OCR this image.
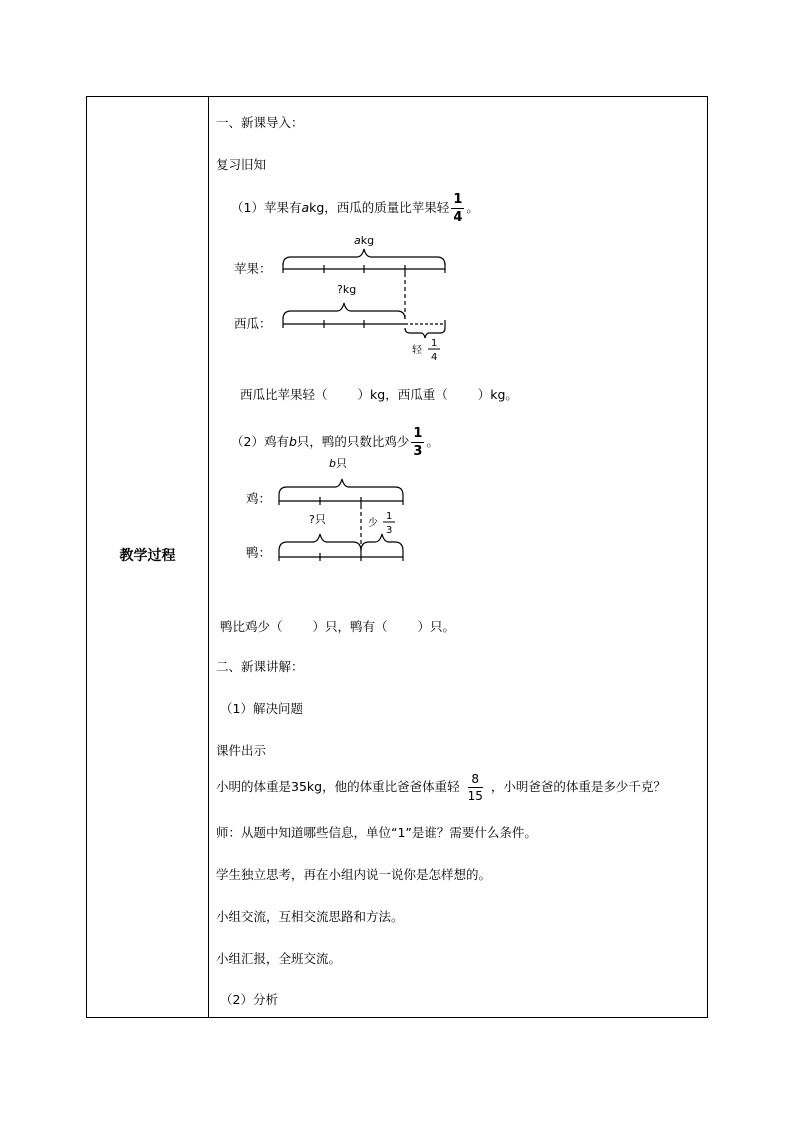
教学过程
一、新课导入：
复习旧知
（1）苹果有akg，西瓜的质量比苹果轻 $\frac{1}{4}$ 。
苹果：
西瓜：
akg
?kg
轻
1
4
西瓜比苹果轻（ ）kg，西瓜重（ ）kg。
（2）鸡有b只，鸭的只数比鸡少 $\frac{1}{3}$ 。
鸡：
鸭：
b只
?只	少
1
3
鸭比鸡少（ ）只，鸭有（ ）只。
二、新课讲解：
（1）解决问题
课件出示
小明的体重是35kg，他的体重比爸爸体重轻 $\frac{8}{15}$ ，小明爸爸的体重是多少千克？
师：从题中知道哪些信息，单位“1”是谁？需要什么条件。
学生独立思考，再在小组内说一说你是怎样想的。
小组交流，互相交流思路和方法。
小组汇报，全班交流。
（2）分析
